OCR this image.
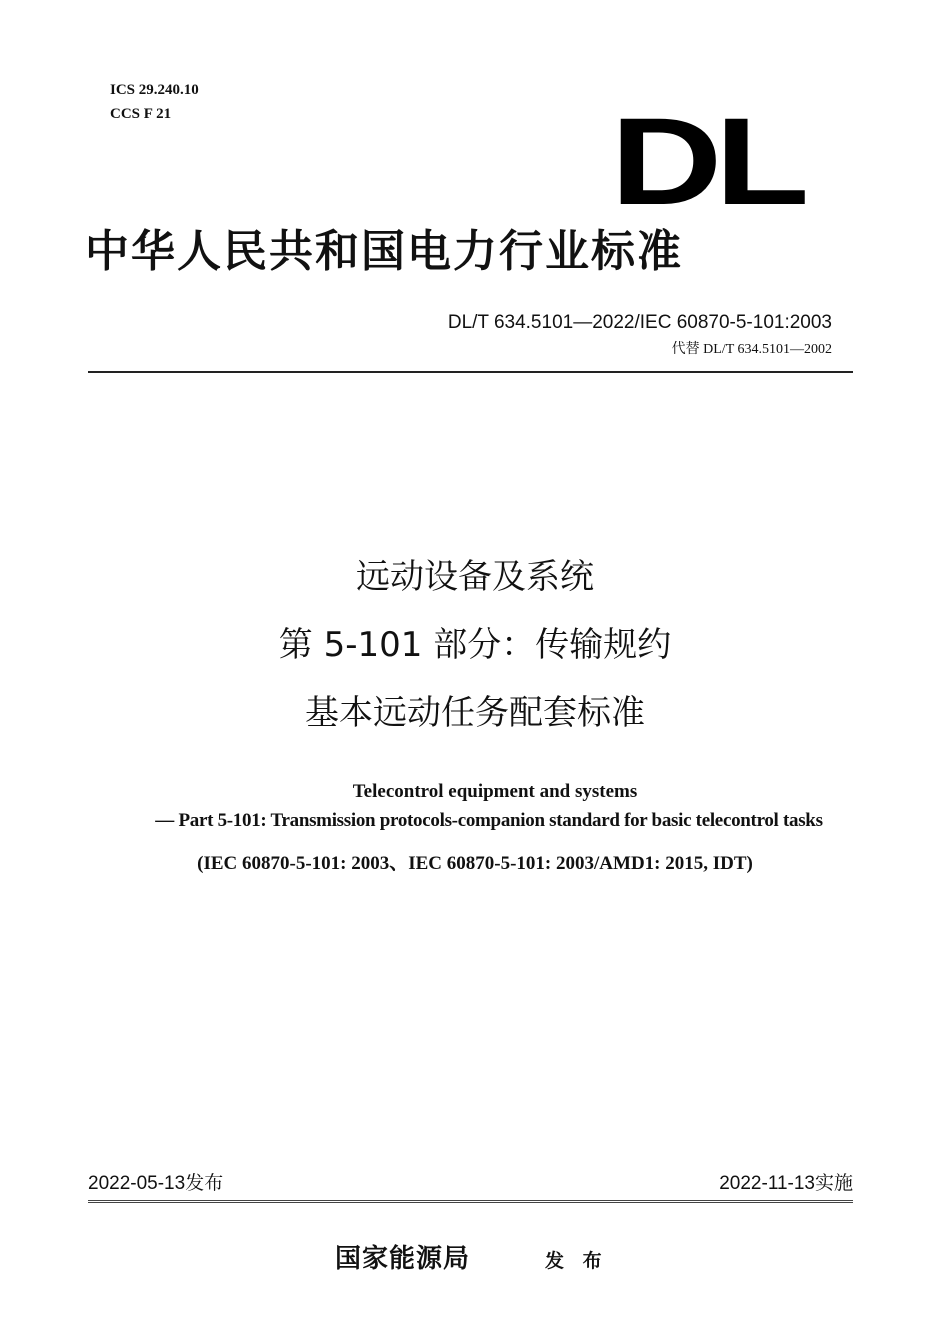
ICS 29.240.10
CCS F 21	DL
中华人民共和国电力行业标准
DL/T 634.5101—2022/IEC 60870-5-101:2003
代替 DL/T 634.5101—2002
远动设备及系统
第 5-101 部分：传输规约
基本远动任务配套标准
Telecontrol equipment and systems
— Part 5-101: Transmission protocols-companion standard for basic telecontrol tasks
(IEC 60870-5-101: 2003、IEC 60870-5-101: 2003/AMD1: 2015, IDT)
2022-05-13发布	2022-11-13实施
国家能源局	发 布
